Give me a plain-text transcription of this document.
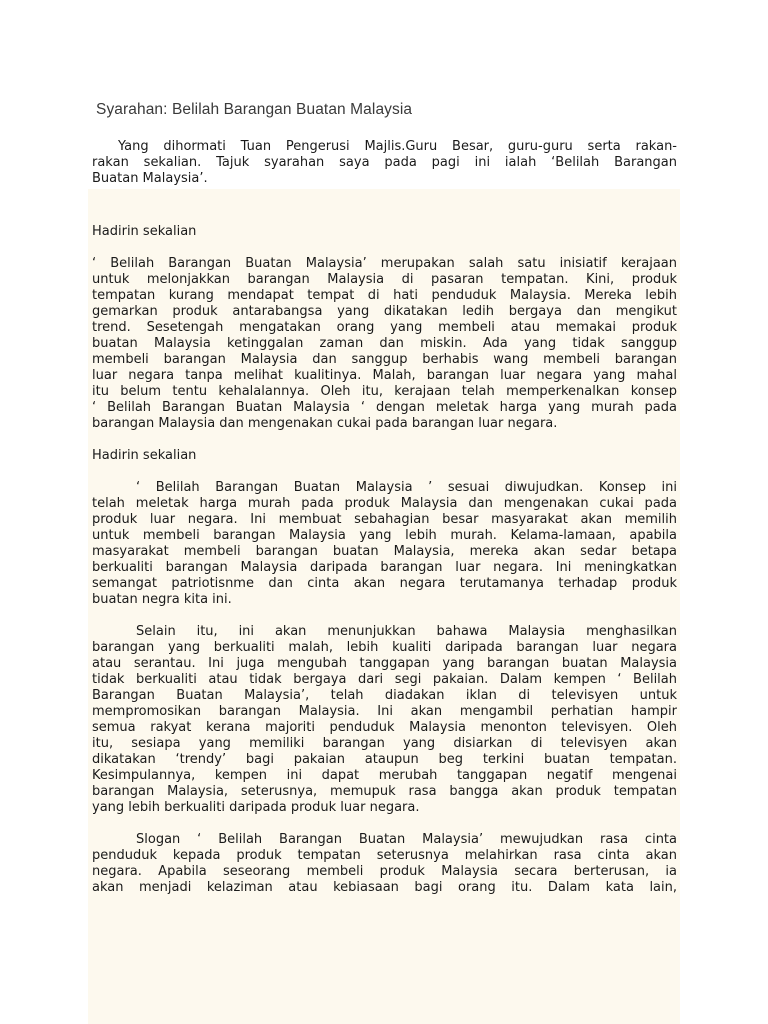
Syarahan: Belilah Barangan Buatan Malaysia
Yang dihormati Tuan Pengerusi Majlis.Guru Besar, guru-guru serta rakan-
rakan sekalian. Tajuk syarahan saya pada pagi ini ialah ‘Belilah Barangan
Buatan Malaysia’.
Hadirin sekalian
‘ Belilah Barangan Buatan Malaysia’ merupakan salah satu inisiatif kerajaan
untuk melonjakkan barangan Malaysia di pasaran tempatan. Kini, produk
tempatan kurang mendapat tempat di hati penduduk Malaysia. Mereka lebih
gemarkan produk antarabangsa yang dikatakan ledih bergaya dan mengikut
trend. Sesetengah mengatakan orang yang membeli atau memakai produk
buatan Malaysia ketinggalan zaman dan miskin. Ada yang tidak sanggup
membeli barangan Malaysia dan sanggup berhabis wang membeli barangan
luar negara tanpa melihat kualitinya. Malah, barangan luar negara yang mahal
itu belum tentu kehalalannya. Oleh itu, kerajaan telah memperkenalkan konsep
‘ Belilah Barangan Buatan Malaysia ‘ dengan meletak harga yang murah pada
barangan Malaysia dan mengenakan cukai pada barangan luar negara.
Hadirin sekalian
‘ Belilah Barangan Buatan Malaysia ’ sesuai diwujudkan. Konsep ini
telah meletak harga murah pada produk Malaysia dan mengenakan cukai pada
produk luar negara. Ini membuat sebahagian besar masyarakat akan memilih
untuk membeli barangan Malaysia yang lebih murah. Kelama-lamaan, apabila
masyarakat membeli barangan buatan Malaysia, mereka akan sedar betapa
berkualiti barangan Malaysia daripada barangan luar negara. Ini meningkatkan
semangat patriotisnme dan cinta akan negara terutamanya terhadap produk
buatan negra kita ini.
Selain itu, ini akan menunjukkan bahawa Malaysia menghasilkan
barangan yang berkualiti malah, lebih kualiti daripada barangan luar negara
atau serantau. Ini juga mengubah tanggapan yang barangan buatan Malaysia
tidak berkualiti atau tidak bergaya dari segi pakaian. Dalam kempen ‘ Belilah
Barangan Buatan Malaysia’, telah diadakan iklan di televisyen untuk
mempromosikan barangan Malaysia. Ini akan mengambil perhatian hampir
semua rakyat kerana majoriti penduduk Malaysia menonton televisyen. Oleh
itu, sesiapa yang memiliki barangan yang disiarkan di televisyen akan
dikatakan ‘trendy’ bagi pakaian ataupun beg terkini buatan tempatan.
Kesimpulannya, kempen ini dapat merubah tanggapan negatif mengenai
barangan Malaysia, seterusnya, memupuk rasa bangga akan produk tempatan
yang lebih berkualiti daripada produk luar negara.
Slogan ‘ Belilah Barangan Buatan Malaysia’ mewujudkan rasa cinta
penduduk kepada produk tempatan seterusnya melahirkan rasa cinta akan
negara. Apabila seseorang membeli produk Malaysia secara berterusan, ia
akan menjadi kelaziman atau kebiasaan bagi orang itu. Dalam kata lain,
